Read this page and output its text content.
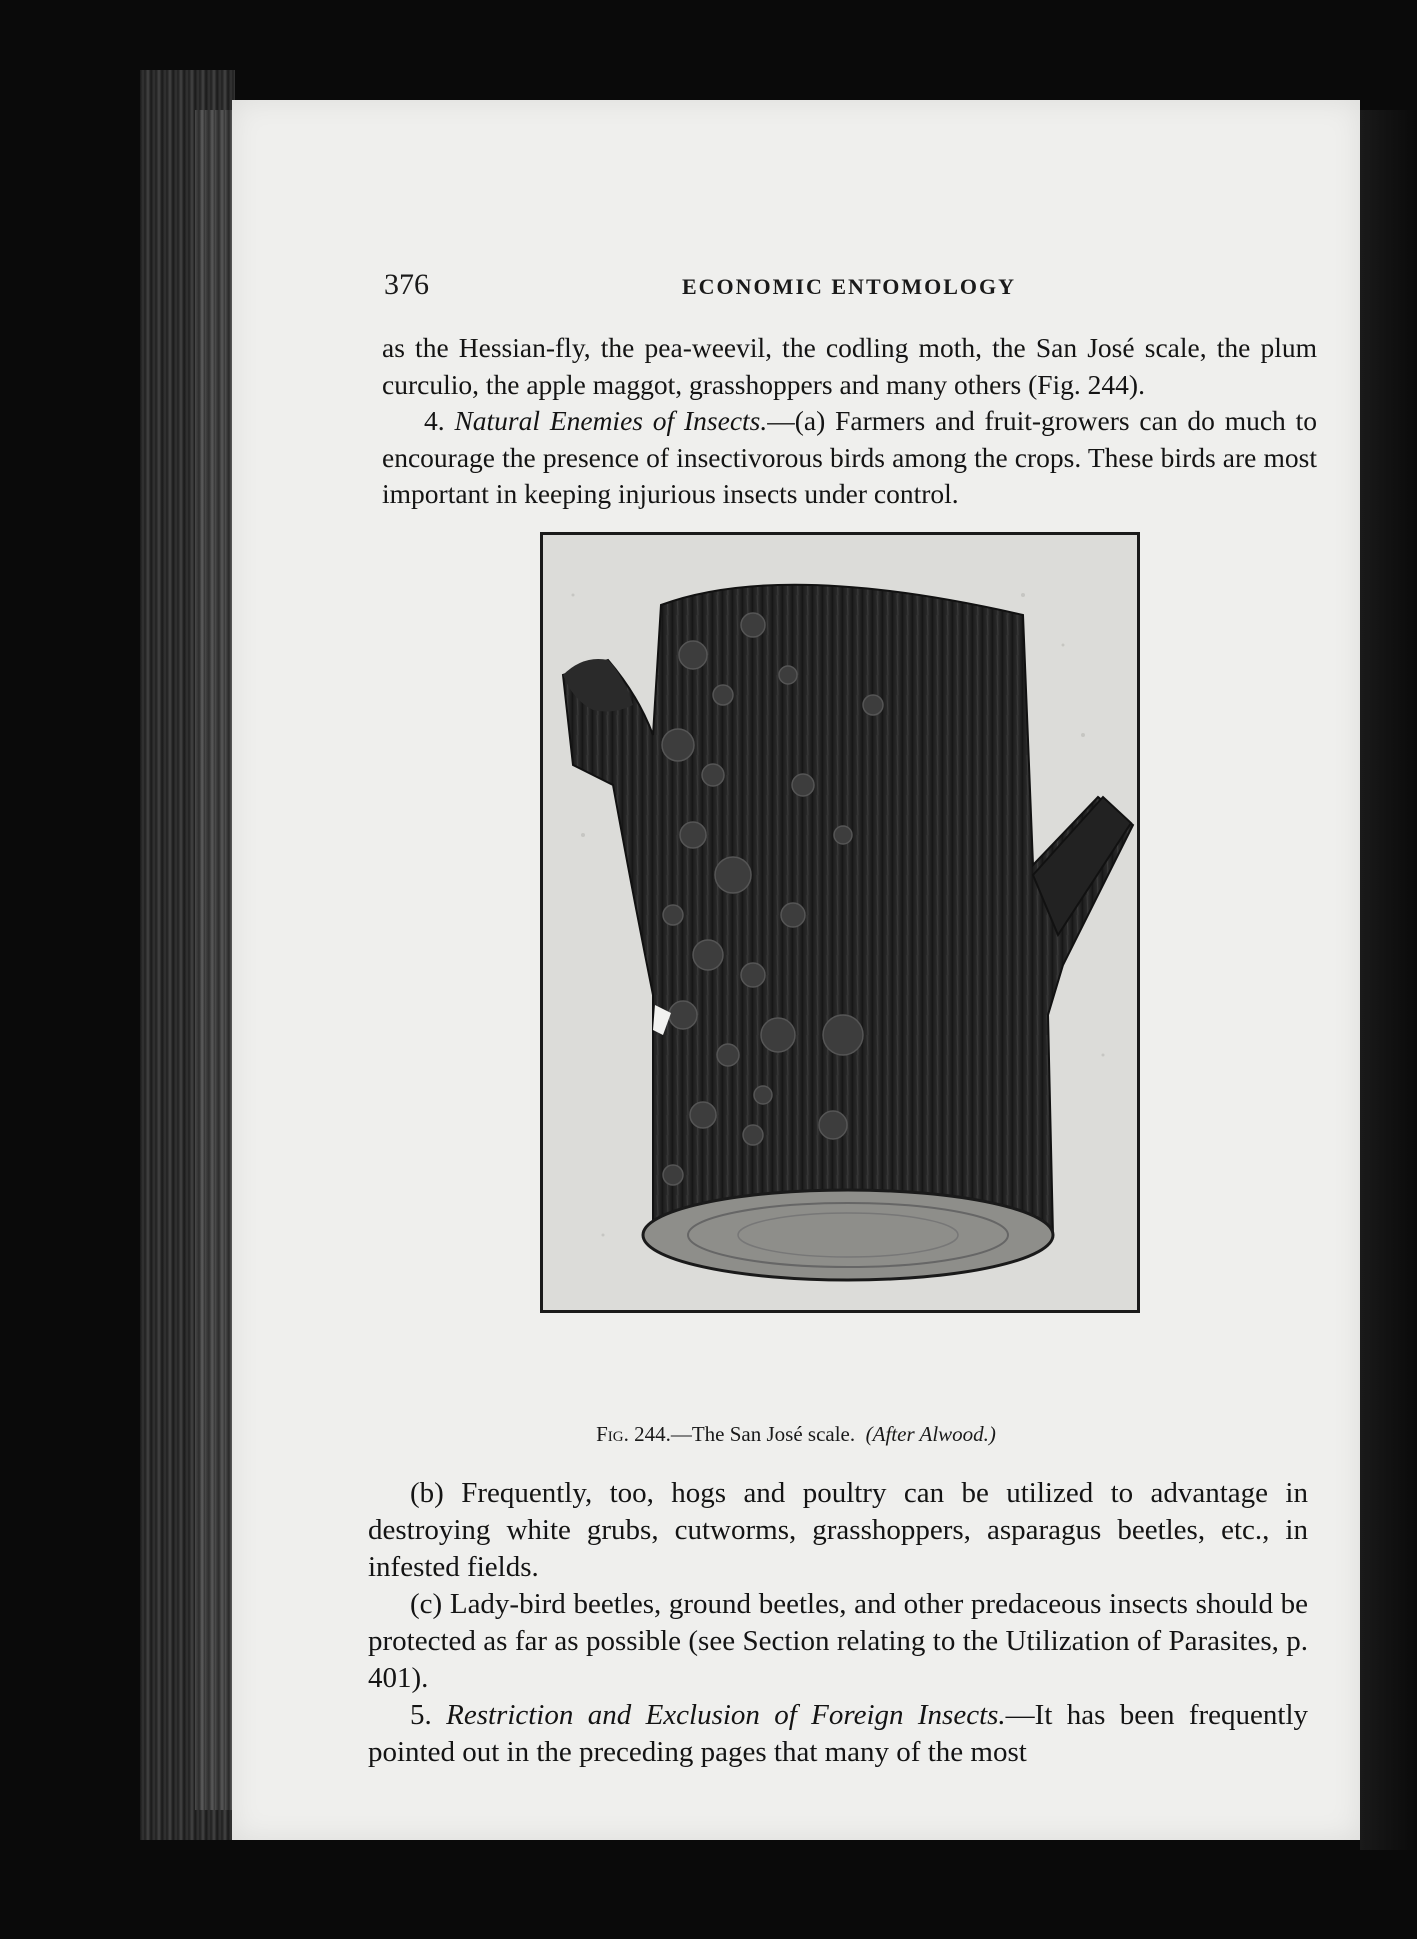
376	ECONOMIC ENTOMOLOGY

as the Hessian-fly, the pea-weevil, the codling moth, the San José scale, the plum curculio, the apple maggot, grasshoppers and many others (Fig. 244).

4. Natural Enemies of Insects.—(a) Farmers and fruit-growers can do much to encourage the presence of insectivorous birds among the crops. These birds are most important in keeping injurious insects under control.

Fig. 244.—The San José scale. (After Alwood.)

(b) Frequently, too, hogs and poultry can be utilized to advantage in destroying white grubs, cutworms, grasshoppers, asparagus beetles, etc., in infested fields.

(c) Lady-bird beetles, ground beetles, and other predaceous insects should be protected as far as possible (see Section relating to the Utilization of Parasites, p. 401).

5. Restriction and Exclusion of Foreign Insects.—It has been frequently pointed out in the preceding pages that many of the most
